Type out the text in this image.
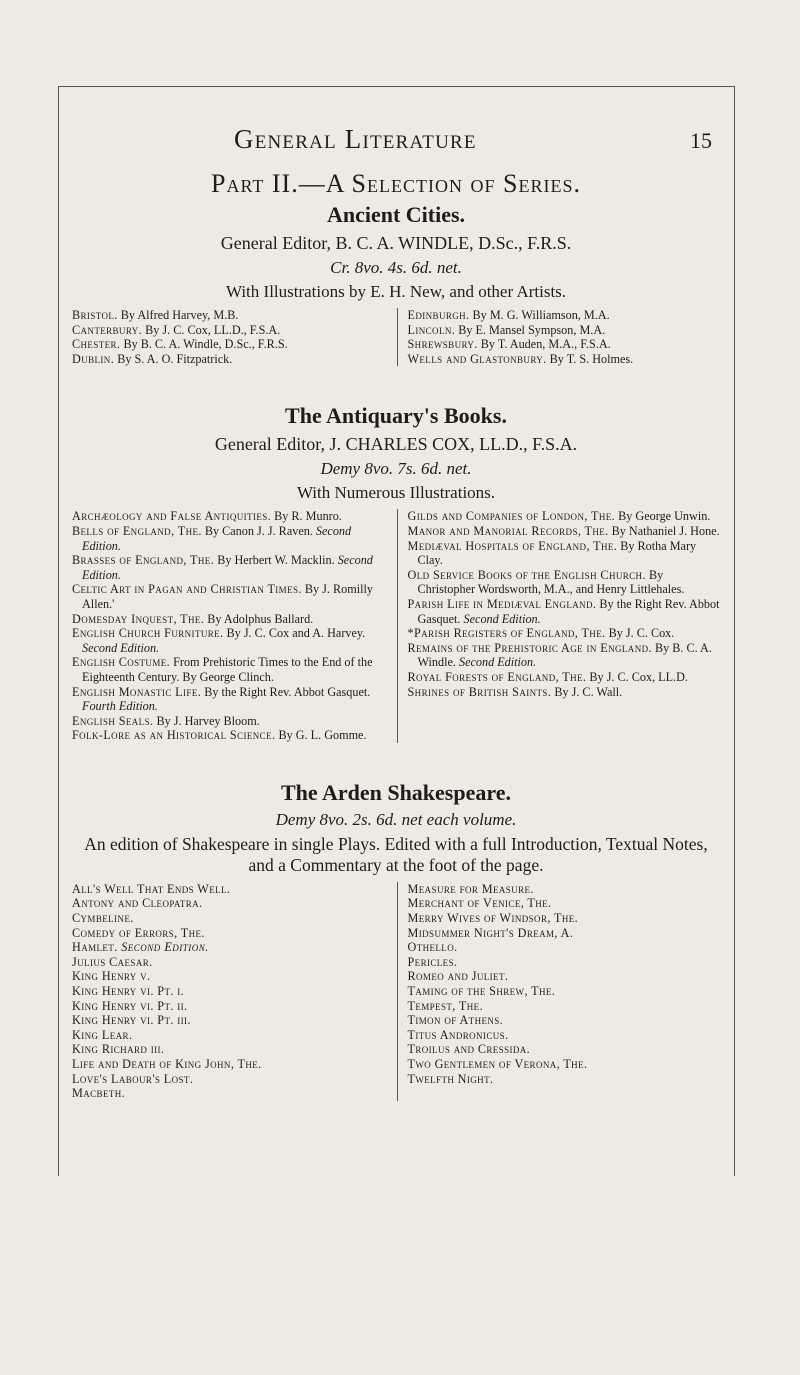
General Literature	15
Part II.—A Selection of Series.
Ancient Cities.
General Editor, B. C. A. WINDLE, D.Sc., F.R.S.
Cr. 8vo. 4s. 6d. net.
With Illustrations by E. H. New, and other Artists.
Bristol. By Alfred Harvey, M.B.
Canterbury. By J. C. Cox, LL.D., F.S.A.
Chester. By B. C. A. Windle, D.Sc., F.R.S.
Dublin. By S. A. O. Fitzpatrick.
Edinburgh. By M. G. Williamson, M.A.
Lincoln. By E. Mansel Sympson, M.A.
Shrewsbury. By T. Auden, M.A., F.S.A.
Wells and Glastonbury. By T. S. Holmes.
The Antiquary's Books.
General Editor, J. CHARLES COX, LL.D., F.S.A.
Demy 8vo. 7s. 6d. net.
With Numerous Illustrations.
Archæology and False Antiquities. By R. Munro.
Bells of England, The. By Canon J. J. Raven. Second Edition.
Brasses of England, The. By Herbert W. Macklin. Second Edition.
Celtic Art in Pagan and Christian Times. By J. Romilly Allen.'
Domesday Inquest, The. By Adolphus Ballard.
English Church Furniture. By J. C. Cox and A. Harvey. Second Edition.
English Costume. From Prehistoric Times to the End of the Eighteenth Century. By George Clinch.
English Monastic Life. By the Right Rev. Abbot Gasquet. Fourth Edition.
English Seals. By J. Harvey Bloom.
Folk-Lore as an Historical Science. By G. L. Gomme.
Gilds and Companies of London, The. By George Unwin.
Manor and Manorial Records, The. By Nathaniel J. Hone.
Mediæval Hospitals of England, The. By Rotha Mary Clay.
Old Service Books of the English Church. By Christopher Wordsworth, M.A., and Henry Littlehales.
Parish Life in Mediæval England. By the Right Rev. Abbot Gasquet. Second Edition.
*Parish Registers of England, The. By J. C. Cox.
Remains of the Prehistoric Age in England. By B. C. A. Windle. Second Edition.
Royal Forests of England, The. By J. C. Cox, LL.D.
Shrines of British Saints. By J. C. Wall.
The Arden Shakespeare.
Demy 8vo. 2s. 6d. net each volume.
An edition of Shakespeare in single Plays. Edited with a full Introduction, Textual Notes, and a Commentary at the foot of the page.
All's Well That Ends Well.
Antony and Cleopatra.
Cymbeline.
Comedy of Errors, The.
Hamlet. Second Edition.
Julius Caesar.
King Henry v.
King Henry vi. Pt. i.
King Henry vi. Pt. ii.
King Henry vi. Pt. iii.
King Lear.
King Richard iii.
Life and Death of King John, The.
Love's Labour's Lost.
Macbeth.
Measure for Measure.
Merchant of Venice, The.
Merry Wives of Windsor, The.
Midsummer Night's Dream, A.
Othello.
Pericles.
Romeo and Juliet.
Taming of the Shrew, The.
Tempest, The.
Timon of Athens.
Titus Andronicus.
Troilus and Cressida.
Two Gentlemen of Verona, The.
Twelfth Night.
